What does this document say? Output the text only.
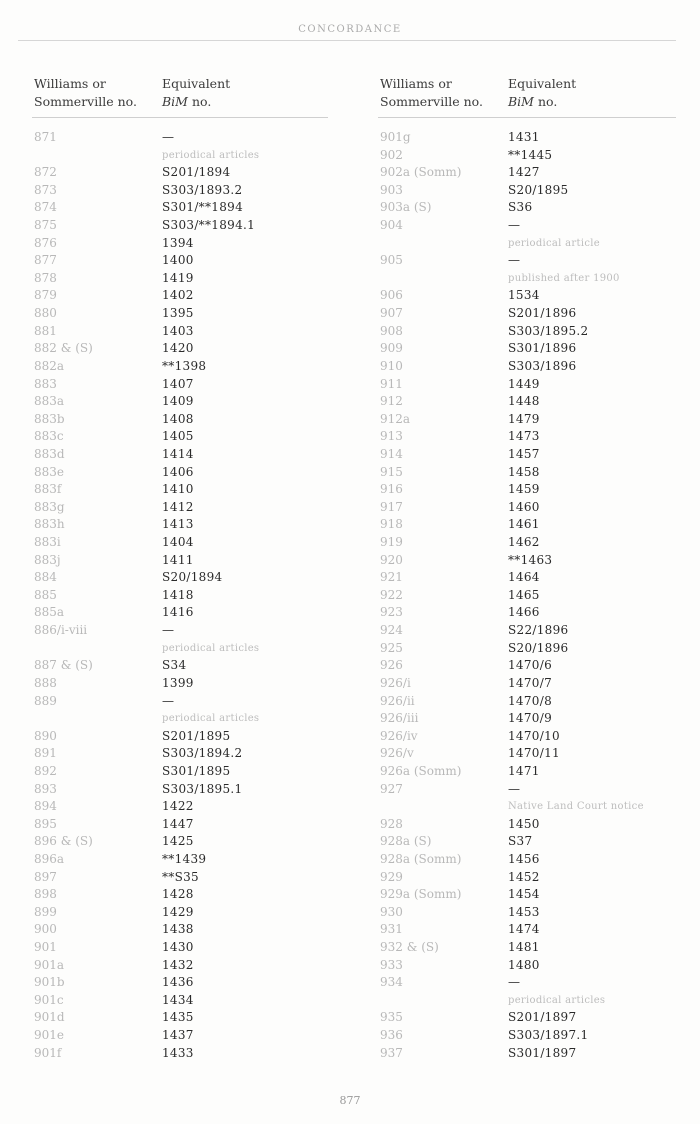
CONCORDANCE
Williams or
Sommerville no.
Equivalent
BiM no.
871	—
periodical articles
872	S201/1894
873	S303/1893.2
874	S301/**1894
875	S303/**1894.1
876	1394
877	1400
878	1419
879	1402
880	1395
881	1403
882 & (S)	1420
882a	**1398
883	1407
883a	1409
883b	1408
883c	1405
883d	1414
883e	1406
883f	1410
883g	1412
883h	1413
883i	1404
883j	1411
884	S20/1894
885	1418
885a	1416
886/i-viii	—
periodical articles
887 & (S)	S34
888	1399
889	—
periodical articles
890	S201/1895
891	S303/1894.2
892	S301/1895
893	S303/1895.1
894	1422
895	1447
896 & (S)	1425
896a	**1439
897	**S35
898	1428
899	1429
900	1438
901	1430
901a	1432
901b	1436
901c	1434
901d	1435
901e	1437
901f	1433
Williams or
Sommerville no.
Equivalent
BiM no.
901g	1431
902	**1445
902a (Somm)	1427
903	S20/1895
903a (S)	S36
904	—
periodical article
905	—
published after 1900
906	1534
907	S201/1896
908	S303/1895.2
909	S301/1896
910	S303/1896
911	1449
912	1448
912a	1479
913	1473
914	1457
915	1458
916	1459
917	1460
918	1461
919	1462
920	**1463
921	1464
922	1465
923	1466
924	S22/1896
925	S20/1896
926	1470/6
926/i	1470/7
926/ii	1470/8
926/iii	1470/9
926/iv	1470/10
926/v	1470/11
926a (Somm)	1471
927	—
Native Land Court notice
928	1450
928a (S)	S37
928a (Somm)	1456
929	1452
929a (Somm)	1454
930	1453
931	1474
932 & (S)	1481
933	1480
934	—
periodical articles
935	S201/1897
936	S303/1897.1
937	S301/1897
877
